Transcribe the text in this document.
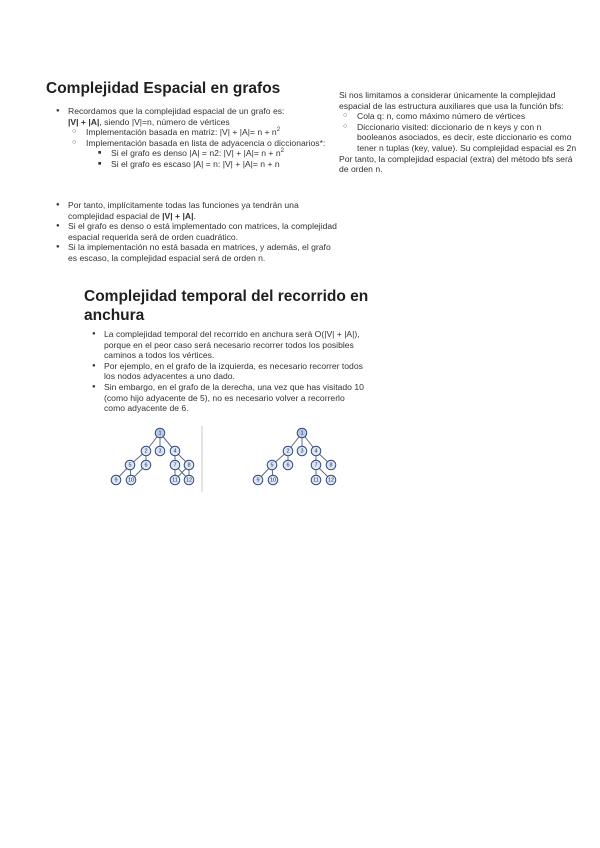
Complejidad Espacial en grafos
● Recordamos que la complejidad espacial de un grafo es:
|V| + |A|, siendo |V|=n, número de vértices
○ Implementación basada en matriz: $|V| + |A|= n + n^2$
○ Implementación basada en lista de adyacencia o diccionarios*:
■ Si el grafo es denso |A| = n2: $|V| + |A|= n + n^2$
■ Si el grafo es escaso |A| = n: |V| + |A|= n + n
● Por tanto, implícitamente todas las funciones ya tendrán una complejidad espacial de |V| + |A|.
● Si el grafo es denso o está implementado con matrices, la complejidad espacial requerida será de orden cuadrático.
● Si la implementación no está basada en matrices, y además, el grafo es escaso, la complejidad espacial será de orden n.
Si nos limitamos a considerar únicamente la complejidad espacial de las estructura auxiliares que usa la función bfs:
○ Cola q: n, como máximo número de vértices
○ Diccionario visited: diccionario de n keys y con n booleanos asociados, es decir, este diccionario es como tener n tuplas (key, value). Su complejidad espacial es 2n
Por tanto, la complejidad espacial (extra) del método bfs será de orden n.
Complejidad temporal del recorrido en anchura
● La complejidad temporal del recorrido en anchura será O(|V| + |A|), porque en el peor caso será necesario recorrer todos los posibles caminos a todos los vértices.
● Por ejemplo, en el grafo de la izquierda, es necesario recorrer todos los nodos adyacentes a uno dado.
● Sin embargo, en el grafo de la derecha, una vez que has visitado 10 (como hijo adyacente de 5), no es necesario volver a recorrerlo como adyacente de 6.
1
2 3 4
5 6	7 8
9 10	11 12
1
2 3 4
5 6	7 8
9 10	11 12
